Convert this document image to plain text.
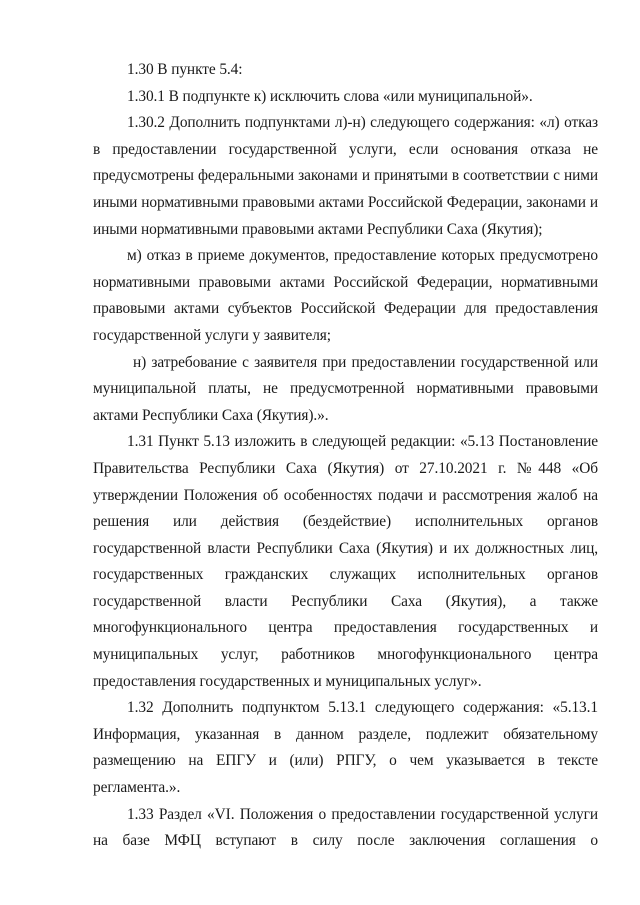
1.30 В пункте 5.4:

1.30.1 В подпункте к) исключить слова «или муниципальной».

1.30.2 Дополнить подпунктами л)-н) следующего содержания: «л) отказ в предоставлении государственной услуги, если основания отказа не предусмотрены федеральными законами и принятыми в соответствии с ними иными нормативными правовыми актами Российской Федерации, законами и иными нормативными правовыми актами Республики Саха (Якутия);

м) отказ в приеме документов, предоставление которых предусмотрено нормативными правовыми актами Российской Федерации, нормативными правовыми актами субъектов Российской Федерации для предоставления государственной услуги у заявителя;

н) затребование с заявителя при предоставлении государственной или муниципальной платы, не предусмотренной нормативными правовыми актами Республики Саха (Якутия).».

1.31 Пункт 5.13 изложить в следующей редакции: «5.13 Постановление Правительства Республики Саха (Якутия) от 27.10.2021 г. №448 «Об утверждении Положения об особенностях подачи и рассмотрения жалоб на решения или действия (бездействие) исполнительных органов государственной власти Республики Саха (Якутия) и их должностных лиц, государственных гражданских служащих исполнительных органов государственной власти Республики Саха (Якутия), а также многофункционального центра предоставления государственных и муниципальных услуг, работников многофункционального центра предоставления государственных и муниципальных услуг».

1.32 Дополнить подпунктом 5.13.1 следующего содержания: «5.13.1 Информация, указанная в данном разделе, подлежит обязательному размещению на ЕПГУ и (или) РПГУ, о чем указывается в тексте регламента.».

1.33 Раздел «VI. Положения о предоставлении государственной услуги на базе МФЦ вступают в силу после заключения соглашения о
